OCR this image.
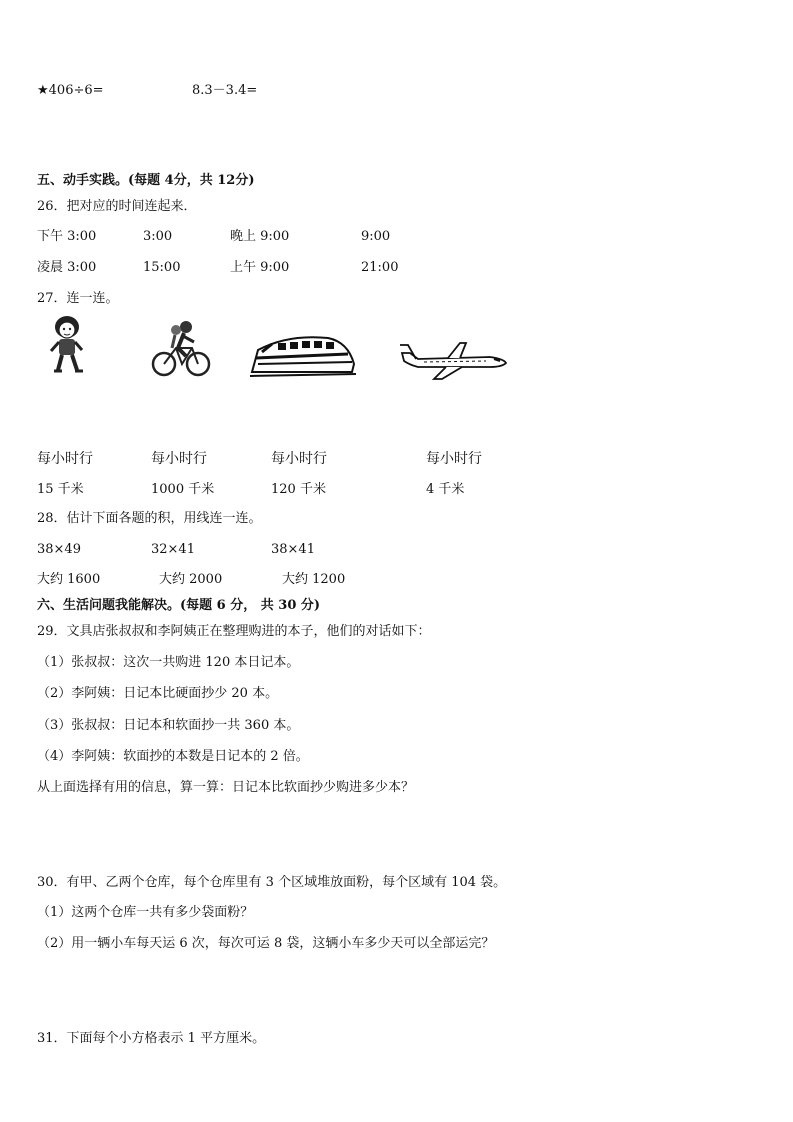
★406÷6=	8.3－3.4=
五、动手实践。(每题 4分，共 12分)
26．把对应的时间连起来．
下午 3:00	3:00	晚上 9:00	9:00
凌晨 3:00	15:00	上午 9:00	21:00
27．连一连。
每小时行	每小时行	每小时行	每小时行
15 千米	1000 千米	120 千米	4 千米
28．估计下面各题的积，用线连一连。
38×49	32×41	38×41
大约 1600	大约 2000	大约 1200
六、生活问题我能解决。(每题 6 分， 共 30 分)
29．文具店张叔叔和李阿姨正在整理购进的本子，他们的对话如下：
（1）张叔叔：这次一共购进 120 本日记本。
（2）李阿姨：日记本比硬面抄少 20 本。
（3）张叔叔：日记本和软面抄一共 360 本。
（4）李阿姨：软面抄的本数是日记本的 2 倍。
从上面选择有用的信息，算一算：日记本比软面抄少购进多少本？
30．有甲、乙两个仓库，每个仓库里有 3 个区域堆放面粉，每个区域有 104 袋。
（1）这两个仓库一共有多少袋面粉？
（2）用一辆小车每天运 6 次，每次可运 8 袋，这辆小车多少天可以全部运完？
31．下面每个小方格表示 1 平方厘米。
